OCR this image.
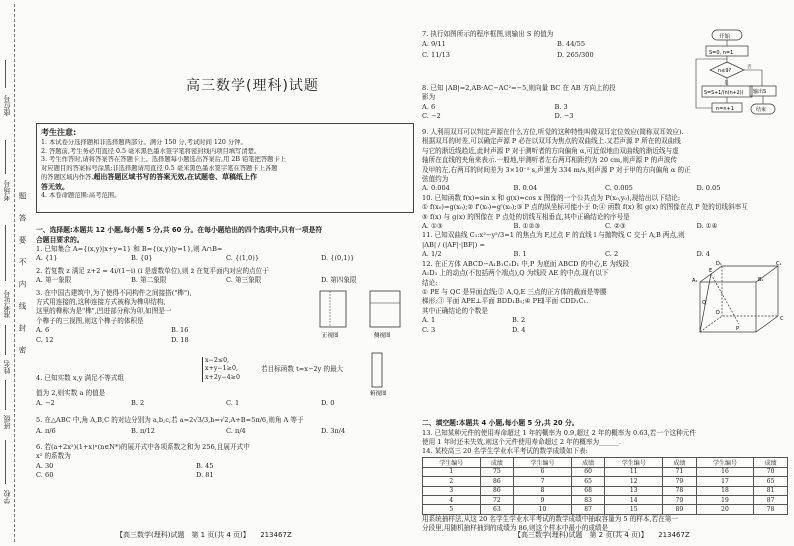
座位号
考场号
准考证号
姓名
班级
学校
题
答
要
不
内
线
封
密
高三数学(理科)试题
考生注意:
1. 本试卷分选择题和非选择题两部分。满分 150 分,考试时间 120 分钟。
2. 答题前,考生务必用直径 0.5 毫米黑色墨水签字笔将密封线内项目填写清楚。
3. 考生作答时,请将答案答在答题卡上。选择题每小题选出答案后,用 2B 铅笔把答题卡上
对应题目的答案标号涂黑;非选择题请用直径 0.5 毫米黑色墨水签字笔在答题卡上各题
的答题区域内作答,超出答题区域书写的答案无效,在试题卷、草稿纸上作
答无效。
4. 本卷命题范围:高考范围。
一、选择题:本题共 12 小题,每小题 5 分,共 60 分。在每小题给出的四个选项中,只有一项是符
合题目要求的。
1. 已知集合 A={(x,y)|x+y=1} 和 B={(x,y)|y=1},则 A∩B=
A. {1}	B. {0}	C. {(1,0)}	D. {(0,1)}
2. 若复数 z 满足 z+2 = 4i/(1−i) (i 是虚数单位),则 z̄ 在复平面内对应的点位于
A. 第一象限	B. 第二象限	C. 第三象限	D. 第四象限
3. 在中国古建筑中,为了使得不同构件之间接搭("榫"),
方式用连接的,这种连接方式被称为榫卯结构,
这里的榫称为是"榫",凹进部分称为卯,如图是一
个榫子的三视图,则这个榫子的体积是
A. 6	B. 16
C. 12	D. 18
正视图	侧视图
俯视图
4. 已知实数 x,y 满足不等式组
x−2≤0,
x+y−1≥0,
x+2y−4≥0
若目标函数 t=x−2y 的最大
值为 2,则实数 a 的值是
A. −2	B. 2	C. 1	D. 0
5. 在△ABC 中,角 A,B,C 的对边分别为 a,b,c,若 a=2√3/3,b=√2,A+B=5π/6,则角 A 等于
A. π/6	B. π/12	C. π/4	D. 3π/4
6. 若(a+2x²)(1+x)ⁿ(n∈N*)的展开式中各项系数之和为 256,且展开式中
x² 的系数为
A. 30	B. 45
C. 60	D. 81
【高三数学(理科)试题　第 1 页(共 4 页)】　　213467Z
7. 执行如图所示的程序框图,则输出 S 的值为
A. 9/11	B. 44/55
C. 11/13	D. 265/300
开始
S=0, n=1
n≤9?
是
否
S=S+1/(n(n+2))
n=n+1
输出S
结束
8. 已知 |AB|=2,AB·AC−AC²=−5,则向量 BC 在 AB 方向上的投
影为
A. 6	B. 3
C. −2	D. −3
9. 人利用双耳可以判定声源在什么方位,听觉的这种特性叫做双耳定位效应(简称双耳效应).
根据双耳的时差,可以确定声源 P 必在以双耳为焦点的双曲线上.又若声源 P 所在的双曲线
与它的渐近线趋近,此时声源 P 对于测听者的方向偏角 α,可近似地由双曲线的渐近线与虚
轴所在直线的夹角来表示.一般地,甲测听者左右两耳相距约为 20 cm,则声源 P 的声波传
及甲的左,右两耳的时间差为 3×10⁻⁵ s,声速为 334 m/s,则声源 P 对于甲的方向偏角 α 的正
弦值约为
A. 0.004	B. 0.04	C. 0.005	D. 0.05
10. 已知函数 f(x)=sin x 和 g(x)=cos x 图像的一个公共点为 P(x₀,y₀),现给出以下结论:
① f(x₀)=g(x₀);② f'(x₀)=g'(x₀);③ P 点的纵坐标可能小于 0;④ 函数 f(x) 和 g(x) 的图像在点 P 处的切线斜率互
⑤ f(x) 与 g(x) 的图像在 P 点处的切线互相垂直,其中正确结论的序号是
A. ①③	B. ①②③	C. ②③	D. ①④
11. 已知双曲线 C₁:x²−y²/3=1 的焦点为 F,过点 F 的直线 l 与抛物线 C 交于 A,B 两点,则
|AB| / (|AF|·|BF|) =
A. 1/2	B. 1	C. 2	D. 4
12. 在正方体 ABCD−A₁B₁C₁D₁ 中,P 为底面 ABCD 的中心,E 为线段
A₁D₁ 上的动点(不包括两个端点),Q 为线段 AE 的中点.现有以下
结论:
① PE 与 QC 是异面直线;② A,Q,E 三点的正方体的截面是等腰
梯形;③ 平面 APE⊥平面 BDD₁B₁;④ PE∥平面 CDD₁C₁.
其中正确结论的个数是
A. 1	B. 2
C. 3	D. 4
D₁	C₁
A₁	B₁
E
Q
D
C
A
P
B
二、填空题:本题共 4 小题,每小题 5 分,共 20 分。
13. 已知某种元件的使用寿命超过 1 年的概率为 0.9,超过 2 年的概率为 0.63,若一个这种元件
使用 1 年时还未失效,则这个元件使用寿命超过 2 年的概率为______.
14. 某校高三 20 名学生学业水平考试的数学成绩如下表:
学生编号	成绩	学生编号	成绩	学生编号	成绩	学生编号	成绩
1	75	6	60	11	71	16	70
2	86	7	65	12	79	17	65
3	86	8	68	13	78	18	81
4	72	9	83	14	79	19	87
5	63	10	87	15	89	20	78
用系统抽样法,从这 20 名学生学业水平考试的数学成绩中抽取容量为 5 的样本,若在第一
分段里,用随机抽样抽到的成绩为 86,则这个样本中最小的成绩是______.
【高三数学(理科)试题　第 2 页(共 4 页)】　　213467Z
